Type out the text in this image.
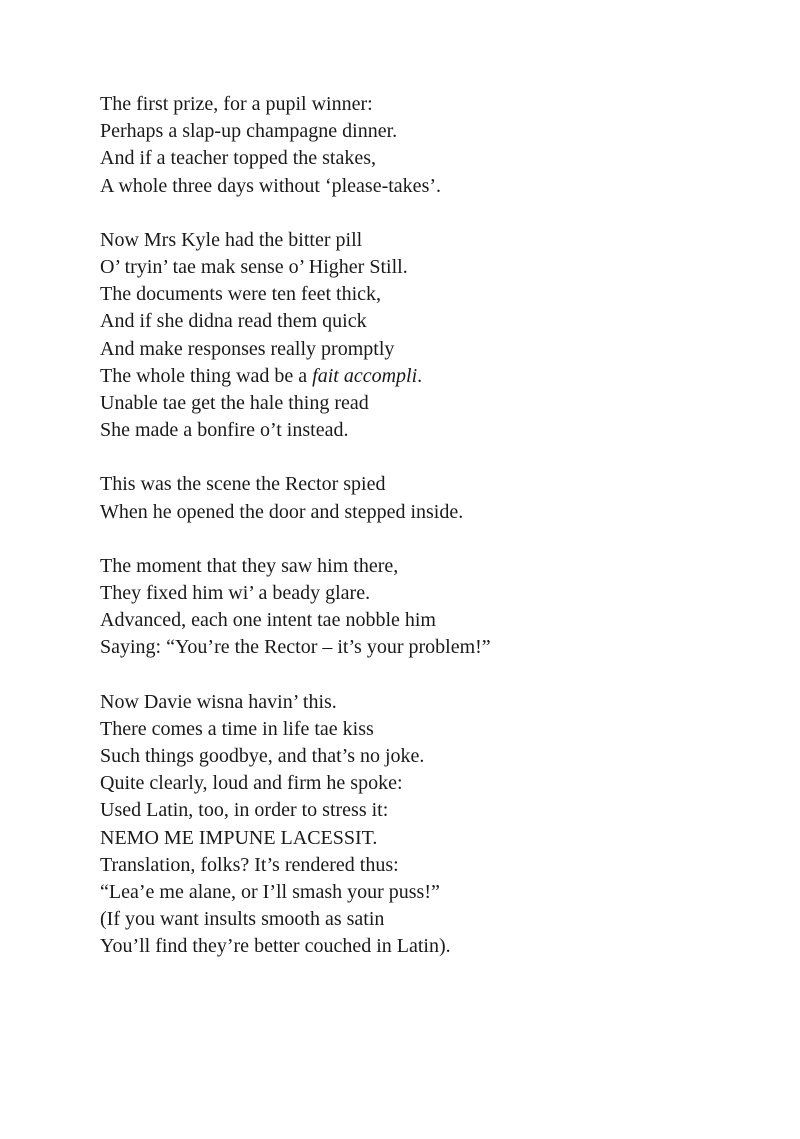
The first prize, for a pupil winner:
Perhaps a slap-up champagne dinner.
And if a teacher topped the stakes,
A whole three days without ‘please-takes’.
Now Mrs Kyle had the bitter pill
O’ tryin’ tae mak sense o’ Higher Still.
The documents were ten feet thick,
And if she didna read them quick
And make responses really promptly
The whole thing wad be a fait accompli.
Unable tae get the hale thing read
She made a bonfire o’t instead.
This was the scene the Rector spied
When he opened the door and stepped inside.
The moment that they saw him there,
They fixed him wi’ a beady glare.
Advanced, each one intent tae nobble him
Saying: “You’re the Rector – it’s your problem!”
Now Davie wisna havin’ this.
There comes a time in life tae kiss
Such things goodbye, and that’s no joke.
Quite clearly, loud and firm he spoke:
Used Latin, too, in order to stress it:
NEMO ME IMPUNE LACESSIT.
Translation, folks? It’s rendered thus:
“Lea’e me alane, or I’ll smash your puss!”
(If you want insults smooth as satin
You’ll find they’re better couched in Latin).
